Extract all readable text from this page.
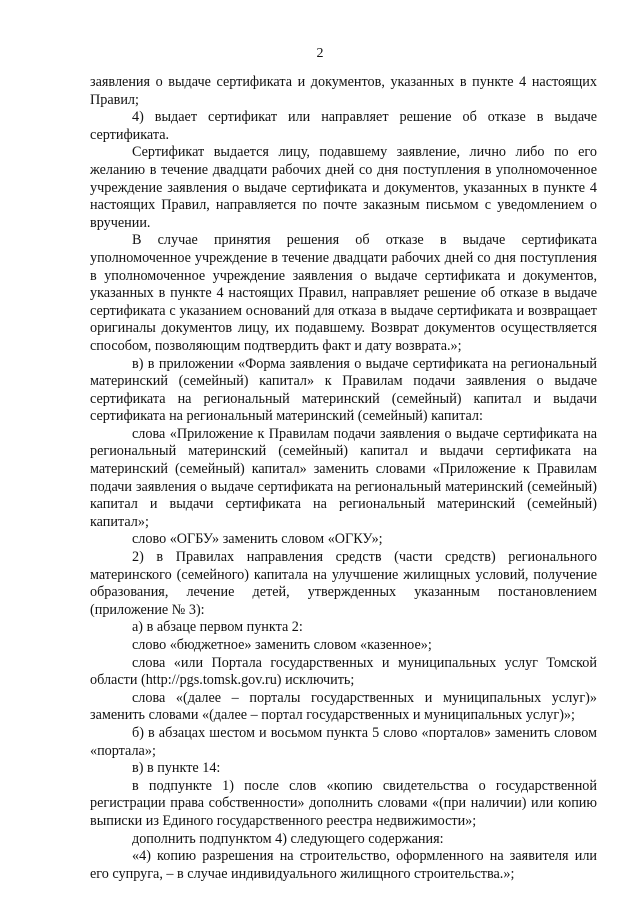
2

заявления о выдаче сертификата и документов, указанных в пункте 4 настоящих Правил;

4) выдает сертификат или направляет решение об отказе в выдаче сертификата.

Сертификат выдается лицу, подавшему заявление, лично либо по его желанию в течение двадцати рабочих дней со дня поступления в уполномоченное учреждение заявления о выдаче сертификата и документов, указанных в пункте 4 настоящих Правил, направляется по почте заказным письмом с уведомлением о вручении.

В случае принятия решения об отказе в выдаче сертификата уполномоченное учреждение в течение двадцати рабочих дней со дня поступления в уполномоченное учреждение заявления о выдаче сертификата и документов, указанных в пункте 4 настоящих Правил, направляет решение об отказе в выдаче сертификата с указанием оснований для отказа в выдаче сертификата и возвращает оригиналы документов лицу, их подавшему. Возврат документов осуществляется способом, позволяющим подтвердить факт и дату возврата.»;

в) в приложении «Форма заявления о выдаче сертификата на региональный материнский (семейный) капитал» к Правилам подачи заявления о выдаче сертификата на региональный материнский (семейный) капитал и выдачи сертификата на региональный материнский (семейный) капитал:

слова «Приложение к Правилам подачи заявления о выдаче сертификата на региональный материнский (семейный) капитал и выдачи сертификата на материнский (семейный) капитал» заменить словами «Приложение к Правилам подачи заявления о выдаче сертификата на региональный материнский (семейный) капитал и выдачи сертификата на региональный материнский (семейный) капитал»;

слово «ОГБУ» заменить словом «ОГКУ»;

2) в Правилах направления средств (части средств) регионального материнского (семейного) капитала на улучшение жилищных условий, получение образования, лечение детей, утвержденных указанным постановлением (приложение № 3):

а) в абзаце первом пункта 2:

слово «бюджетное» заменить словом «казенное»;

слова «или Портала государственных и муниципальных услуг Томской области (http://pgs.tomsk.gov.ru) исключить;

слова «(далее – порталы государственных и муниципальных услуг)» заменить словами «(далее – портал государственных и муниципальных услуг)»;

б) в абзацах шестом и восьмом пункта 5 слово «порталов» заменить словом «портала»;

в) в пункте 14:

в подпункте 1) после слов «копию свидетельства о государственной регистрации права собственности» дополнить словами «(при наличии) или копию выписки из Единого государственного реестра недвижимости»;

дополнить подпунктом 4) следующего содержания:

«4) копию разрешения на строительство, оформленного на заявителя или его супруга, – в случае индивидуального жилищного строительства.»;
